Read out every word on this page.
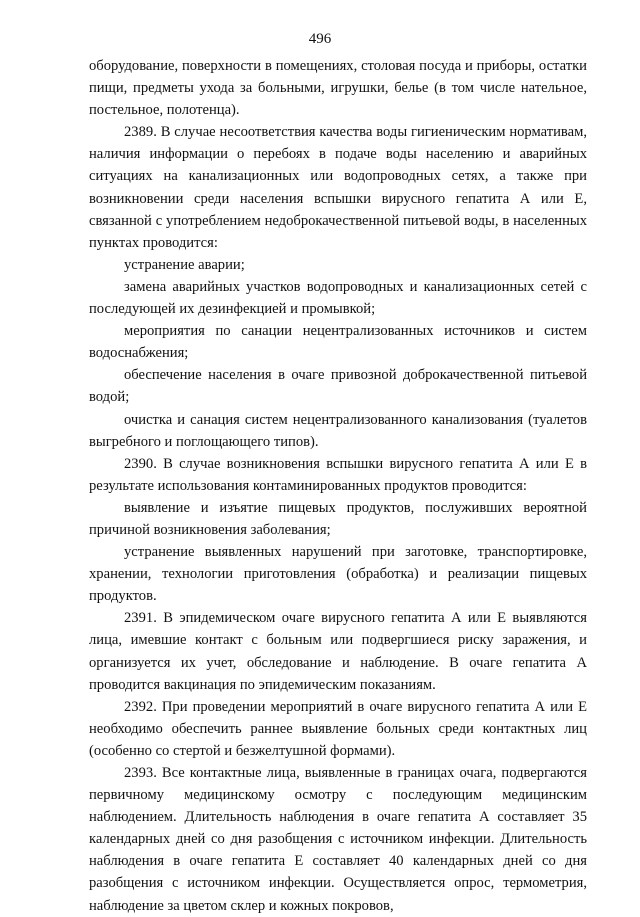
496

оборудование, поверхности в помещениях, столовая посуда и приборы, остатки пищи, предметы ухода за больными, игрушки, белье (в том числе нательное, постельное, полотенца).

2389. В случае несоответствия качества воды гигиеническим нормативам, наличия информации о перебоях в подаче воды населению и аварийных ситуациях на канализационных или водопроводных сетях, а также при возникновении среди населения вспышки вирусного гепатита А или Е, связанной с употреблением недоброкачественной питьевой воды, в населенных пунктах проводится:

устранение аварии;

замена аварийных участков водопроводных и канализационных сетей с последующей их дезинфекцией и промывкой;

мероприятия по санации нецентрализованных источников и систем водоснабжения;

обеспечение населения в очаге привозной доброкачественной питьевой водой;

очистка и санация систем нецентрализованного канализования (туалетов выгребного и поглощающего типов).

2390. В случае возникновения вспышки вирусного гепатита А или Е в результате использования контаминированных продуктов проводится:

выявление и изъятие пищевых продуктов, послуживших вероятной причиной возникновения заболевания;

устранение выявленных нарушений при заготовке, транспортировке, хранении, технологии приготовления (обработка) и реализации пищевых продуктов.

2391. В эпидемическом очаге вирусного гепатита А или Е выявляются лица, имевшие контакт с больным или подвергшиеся риску заражения, и организуется их учет, обследование и наблюдение. В очаге гепатита А проводится вакцинация по эпидемическим показаниям.

2392. При проведении мероприятий в очаге вирусного гепатита А или Е необходимо обеспечить раннее выявление больных среди контактных лиц (особенно со стертой и безжелтушной формами).

2393. Все контактные лица, выявленные в границах очага, подвергаются первичному медицинскому осмотру с последующим медицинским наблюдением. Длительность наблюдения в очаге гепатита А составляет 35 календарных дней со дня разобщения с источником инфекции. Длительность наблюдения в очаге гепатита Е составляет 40 календарных дней со дня разобщения с источником инфекции. Осуществляется опрос, термометрия, наблюдение за цветом склер и кожных покровов,
